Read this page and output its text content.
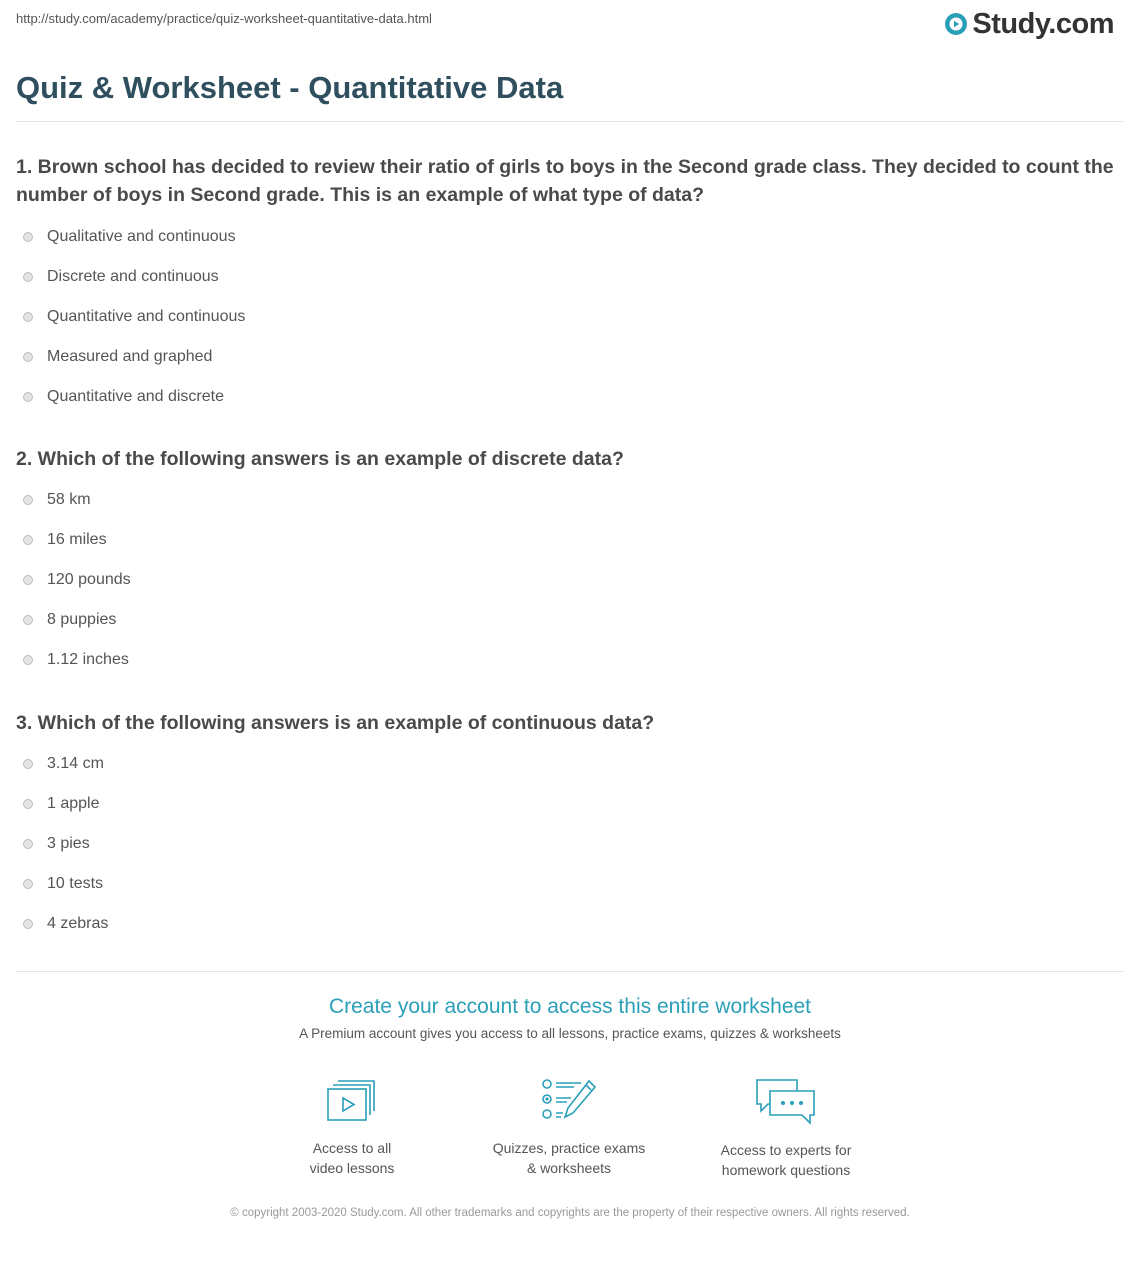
http://study.com/academy/practice/quiz-worksheet-quantitative-data.html	Study.com
Quiz & Worksheet - Quantitative Data

1. Brown school has decided to review their ratio of girls to boys in the Second grade class. They decided to count the number of boys in Second grade. This is an example of what type of data?

Qualitative and continuous
Discrete and continuous
Quantitative and continuous
Measured and graphed
Quantitative and discrete

2. Which of the following answers is an example of discrete data?

58 km
16 miles
120 pounds
8 puppies
1.12 inches

3. Which of the following answers is an example of continuous data?

3.14 cm
1 apple
3 pies
10 tests
4 zebras
Create your account to access this entire worksheet
A Premium account gives you access to all lessons, practice exams, quizzes & worksheets
Access to all
video lessons
Quizzes, practice exams
& worksheets
Access to experts for
homework questions
© copyright 2003-2020 Study.com. All other trademarks and copyrights are the property of their respective owners. All rights reserved.
